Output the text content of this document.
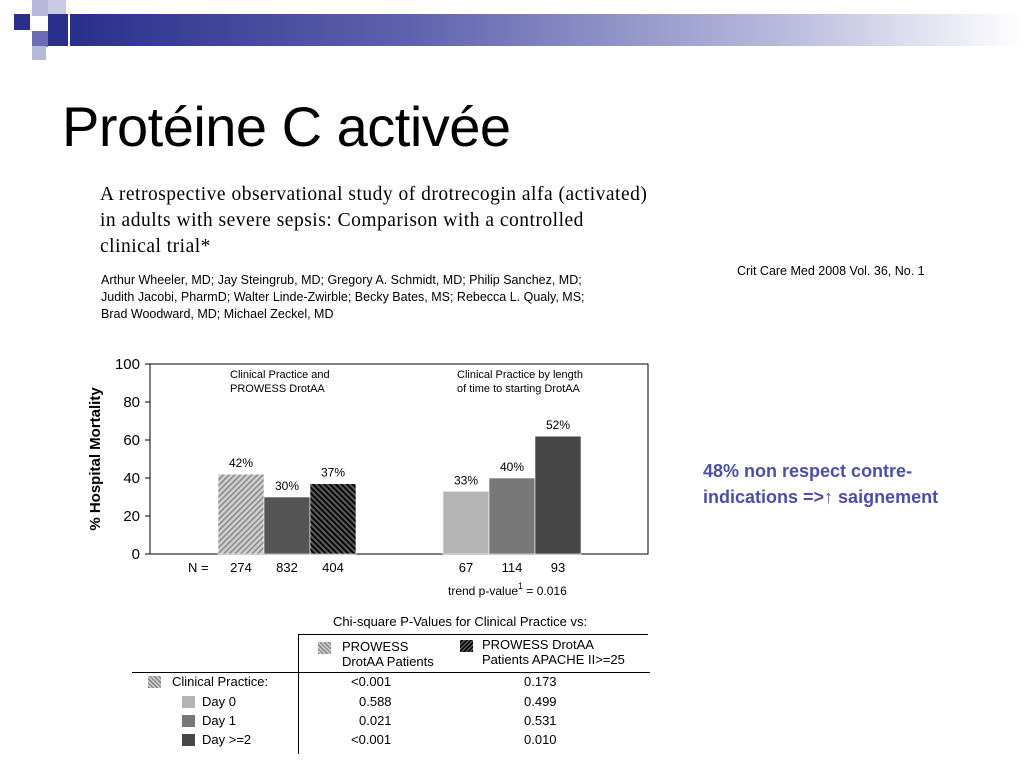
Protéine C activée
A retrospective observational study of drotrecogin alfa (activated)
in adults with severe sepsis: Comparison with a controlled
clinical trial*
Arthur Wheeler, MD; Jay Steingrub, MD; Gregory A. Schmidt, MD; Philip Sanchez, MD;
Judith Jacobi, PharmD; Walter Linde-Zwirble; Becky Bates, MS; Rebecca L. Qualy, MS;
Brad Woodward, MD; Michael Zeckel, MD
Crit Care Med 2008 Vol. 36, No. 1
48% non respect contre-
indications =>↑ saignement
0
20
40
60
80
100
% Hospital Mortality
N =
Clinical Practice and
PROWESS DrotAA
42%
274
30%
832
37%
404
Clinical Practice by length
of time to starting DrotAA
33%
67
40%
114
52%
93
trend p-value$^1$ = 0.016
Chi-square P-Values for Clinical Practice vs:
PROWESS
DrotAA Patients
PROWESS DrotAA
Patients APACHE II>=25
Clinical Practice:	<0.001	0.173
Day 0	0.588	0.499
Day 1	0.021	0.531
Day >=2	<0.001	0.010
